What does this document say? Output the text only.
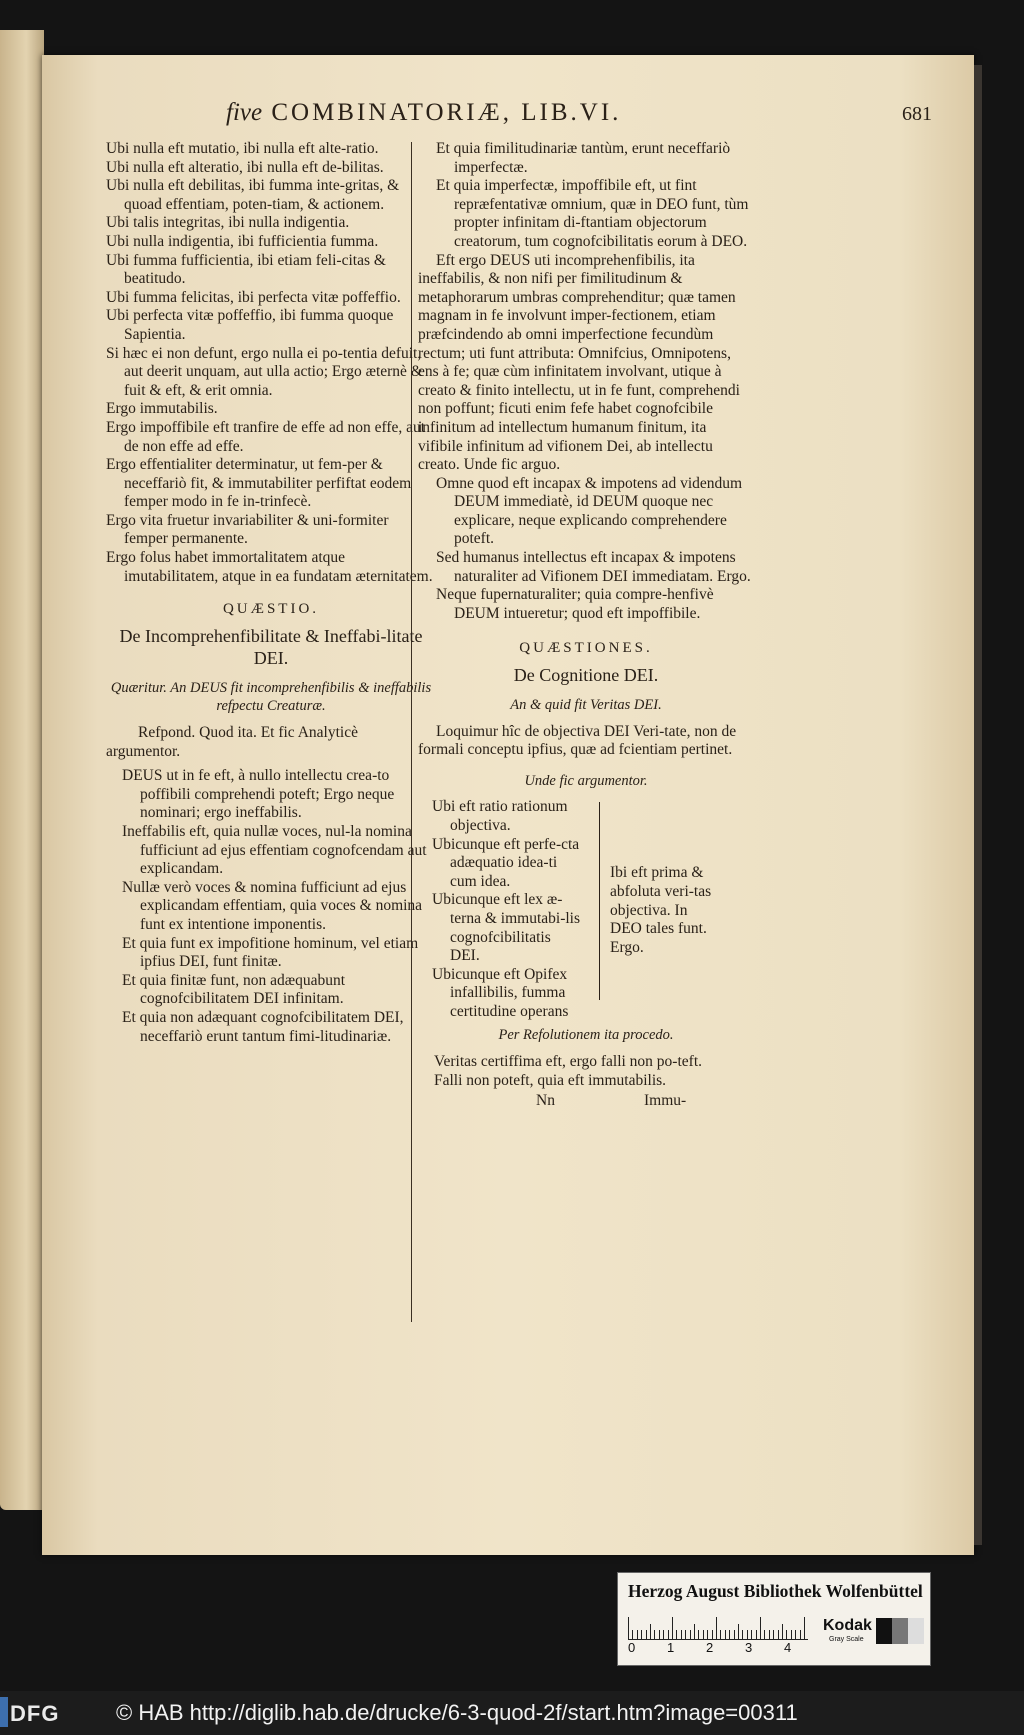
five COMBINATORIÆ, LIB.VI.	681

Ubi nulla eft mutatio, ibi nulla eft alte-ratio.

Ubi nulla eft alteratio, ibi nulla eft de-bilitas.

Ubi nulla eft debilitas, ibi fumma inte-gritas, & quoad effentiam, poten-tiam, & actionem.

Ubi talis integritas, ibi nulla indigentia.

Ubi nulla indigentia, ibi fufficientia fumma.

Ubi fumma fufficientia, ibi etiam feli-citas & beatitudo.

Ubi fumma felicitas, ibi perfecta vitæ poffeffio.

Ubi perfecta vitæ poffeffio, ibi fumma quoque Sapientia.

Si hæc ei non defunt, ergo nulla ei po-tentia defuit, aut deerit unquam, aut ulla actio; Ergo æternè & fuit & eft, & erit omnia.

Ergo immutabilis.

Ergo impoffibile eft tranfire de effe ad non effe, aut de non effe ad effe.

Ergo effentialiter determinatur, ut fem-per & neceffariò fit, & immutabiliter perfiftat eodem femper modo in fe in-trinfecè.

Ergo vita fruetur invariabiliter & uni-formiter femper permanente.

Ergo folus habet immortalitatem atque imutabilitatem, atque in ea fundatam æternitatem.

QUÆSTIO.

De Incomprehenfibilitate & Ineffabi-litate DEI.

Quæritur. An DEUS fit incomprehenfibilis & ineffabilis refpectu Creaturæ.

Refpond. Quod ita. Et fic Analyticè argumentor.

DEUS ut in fe eft, à nullo intellectu crea-to poffibili comprehendi poteft; Ergo neque nominari; ergo ineffabilis.

Ineffabilis eft, quia nullæ voces, nul-la nomina fufficiunt ad ejus effentiam cognofcendam aut explicandam.

Nullæ verò voces & nomina fufficiunt ad ejus explicandam effentiam, quia voces & nomina funt ex intentione imponentis.

Et quia funt ex impofitione hominum, vel etiam ipfius DEI, funt finitæ.

Et quia finitæ funt, non adæquabunt cognofcibilitatem DEI infinitam.

Et quia non adæquant cognofcibilitatem DEI, neceffariò erunt tantum fimi-litudinariæ.

Et quia fimilitudinariæ tantùm, erunt neceffariò imperfectæ.

Et quia imperfectæ, impoffibile eft, ut fint repræfentativæ omnium, quæ in DEO funt, tùm propter infinitam di-ftantiam objectorum creatorum, tum cognofcibilitatis eorum à DEO.

Eft ergo DEUS uti incomprehenfibilis, ita ineffabilis, & non nifi per fimilitudinum & metaphorarum umbras comprehenditur; quæ tamen magnam in fe involvunt imper-fectionem, etiam præfcindendo ab omni imperfectione fecundùm rectum; uti funt attributa: Omnifcius, Omnipotens, ens à fe; quæ cùm infinitatem involvant, utique à creato & finito intellectu, ut in fe funt, comprehendi non poffunt; ficuti enim fefe habet cognofcibile infinitum ad intellectum humanum finitum, ita vifibile infinitum ad vifionem Dei, ab intellectu creato. Unde fic arguo.

Omne quod eft incapax & impotens ad videndum DEUM immediatè, id DEUM quoque nec explicare, neque explicando comprehendere poteft.

Sed humanus intellectus eft incapax & impotens naturaliter ad Vifionem DEI immediatam. Ergo.

Neque fupernaturaliter; quia compre-henfivè DEUM intueretur; quod eft impoffibile.

QUÆSTIONES.

De Cognitione DEI.

An & quid fit Veritas DEI.

Loquimur hîc de objectiva DEI Veri-tate, non de formali conceptu ipfius, quæ ad fcientiam pertinet.

Unde fic argumentor.

Ubi eft ratio rationum objectiva.

Ubicunque eft perfe-cta adæquatio idea-ti cum idea.

Ubicunque eft lex æ-terna & immutabi-lis cognofcibilitatis DEI.

Ubicunque eft Opifex infallibilis, fumma certitudine operans

Ibi eft prima & abfoluta veri-tas objectiva. In DEO tales funt. Ergo.

Per Refolutionem ita procedo.

Veritas certiffima eft, ergo falli non po-teft.

Falli non poteft, quia eft immutabilis.

Nn	Immu-

Herzog August Bibliothek Wolfenbüttel
0 1 2 3 4
Kodak
Gray Scale
DFG	© HAB http://diglib.hab.de/drucke/6-3-quod-2f/start.htm?image=00311
